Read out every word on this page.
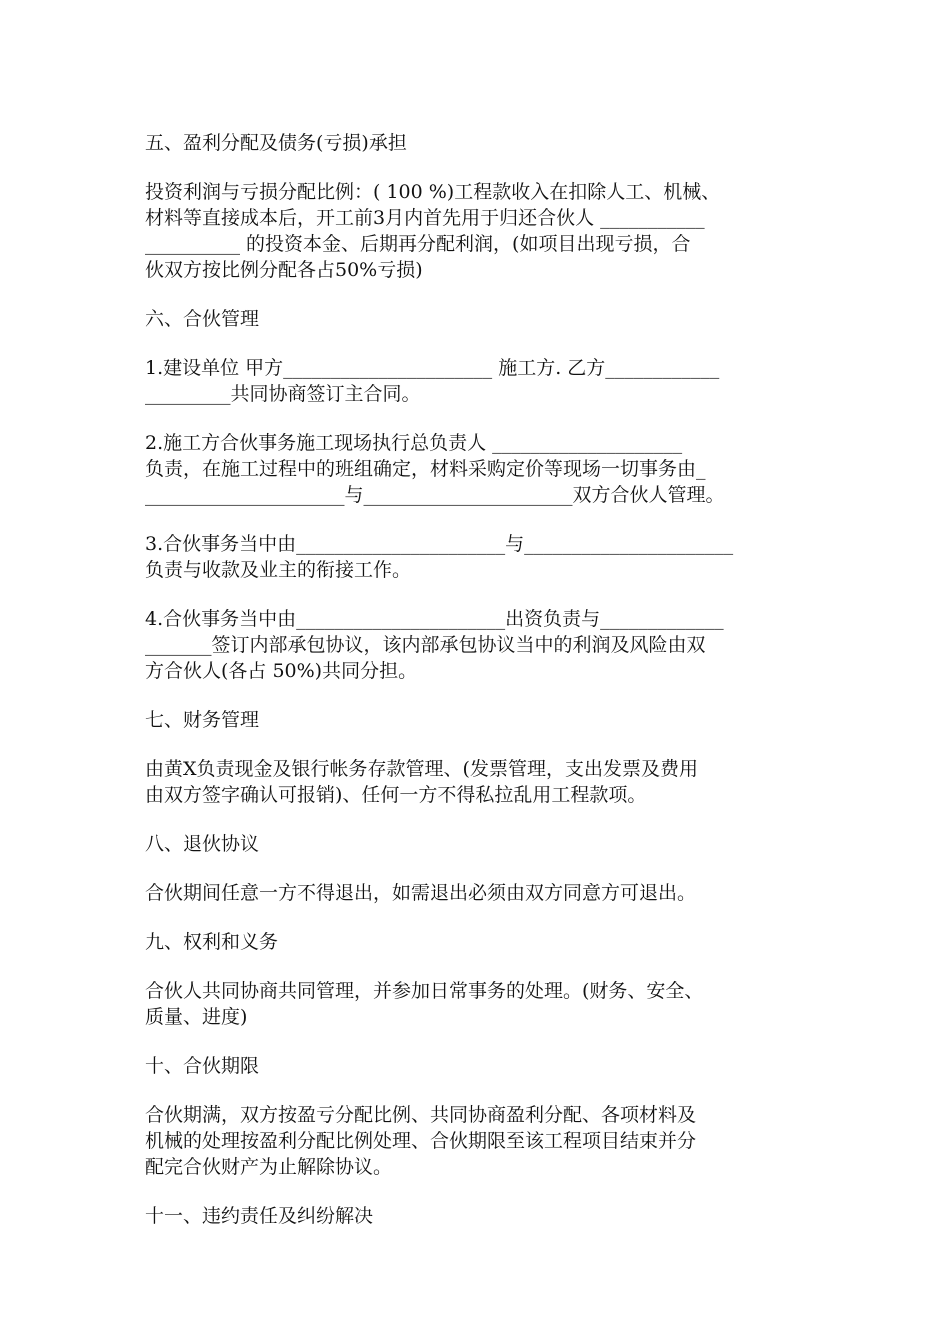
五、盈利分配及债务(亏损)承担
投资利润与亏损分配比例：( 100 %)工程款收入在扣除人工、机械、
材料等直接成本后，开工前3月内首先用于归还合伙人 ___________
__________ 的投资本金、后期再分配利润，(如项目出现亏损，合
伙双方按比例分配各占50%亏损)
六、合伙管理
1.建设单位 甲方______________________ 施工方. 乙方____________
_________共同协商签订主合同。
2.施工方合伙事务施工现场执行总负责人 ____________________
负责，在施工过程中的班组确定，材料采购定价等现场一切事务由_
_____________________与______________________双方合伙人管理。
3.合伙事务当中由______________________与______________________
负责与收款及业主的衔接工作。
4.合伙事务当中由______________________出资负责与_____________
_______签订内部承包协议，该内部承包协议当中的利润及风险由双
方合伙人(各占 50%)共同分担。
七、财务管理
由黄X负责现金及银行帐务存款管理、(发票管理，支出发票及费用
由双方签字确认可报销)、任何一方不得私拉乱用工程款项。
八、退伙协议
合伙期间任意一方不得退出，如需退出必须由双方同意方可退出。
九、权利和义务
合伙人共同协商共同管理，并参加日常事务的处理。(财务、安全、
质量、进度)
十、合伙期限
合伙期满，双方按盈亏分配比例、共同协商盈利分配、各项材料及
机械的处理按盈利分配比例处理、合伙期限至该工程项目结束并分
配完合伙财产为止解除协议。
十一、违约责任及纠纷解决
